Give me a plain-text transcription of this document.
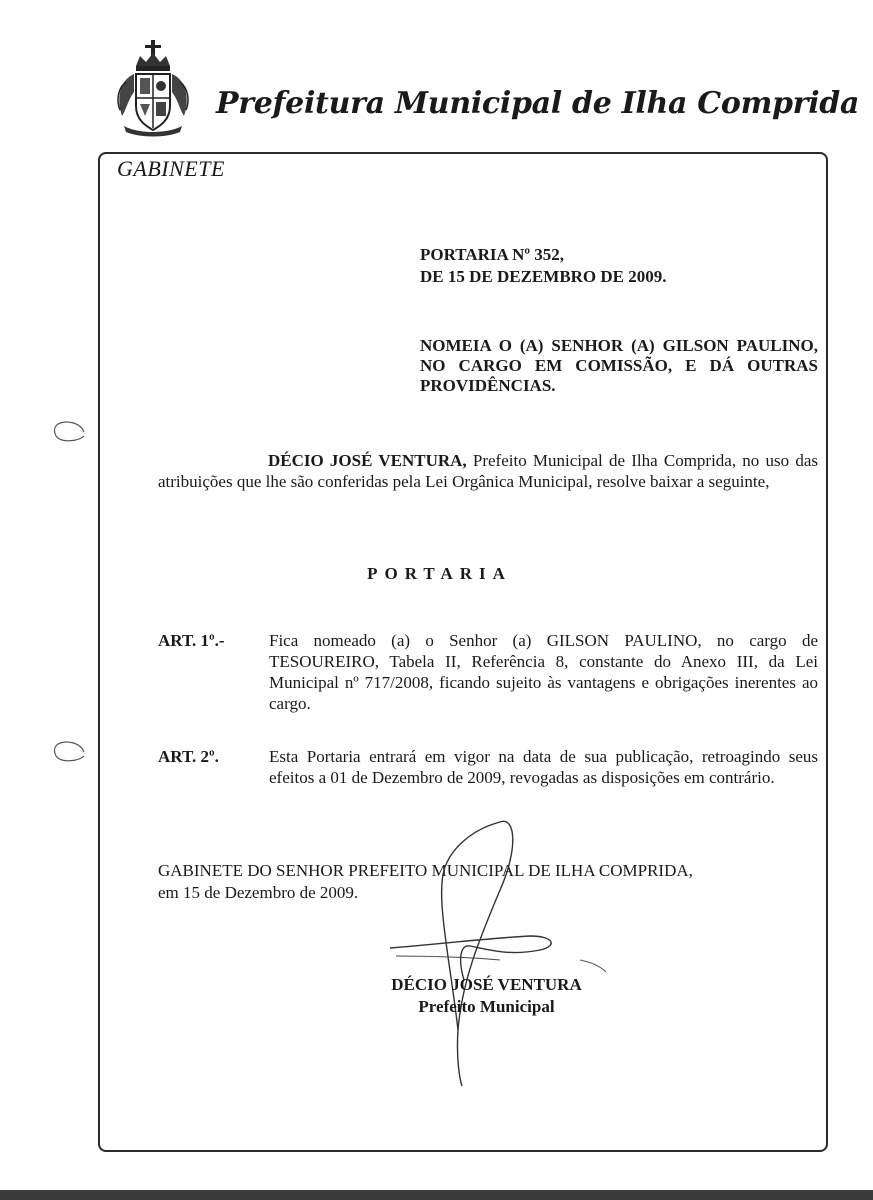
Prefeitura Municipal de Ilha Comprida
GABINETE
PORTARIA Nº 352,
DE 15 DE DEZEMBRO DE 2009.
NOMEIA O (A) SENHOR (A) GILSON PAULINO, NO CARGO EM COMISSÃO, E DÁ OUTRAS PROVIDÊNCIAS.
DÉCIO JOSÉ VENTURA, Prefeito Municipal de Ilha Comprida, no uso das atribuições que lhe são conferidas pela Lei Orgânica Municipal, resolve baixar a seguinte,
PORTARIA
ART. 1º.-	Fica nomeado (a) o Senhor (a) GILSON PAULINO, no cargo de TESOUREIRO, Tabela II, Referência 8, constante do Anexo III, da Lei Municipal nº 717/2008, ficando sujeito às vantagens e obrigações inerentes ao cargo.
ART. 2º.	Esta Portaria entrará em vigor na data de sua publicação, retroagindo seus efeitos a 01 de Dezembro de 2009, revogadas as disposições em contrário.
GABINETE DO SENHOR PREFEITO MUNICIPAL DE ILHA COMPRIDA,
em 15 de Dezembro de 2009.
DÉCIO JOSÉ VENTURA
Prefeito Municipal
